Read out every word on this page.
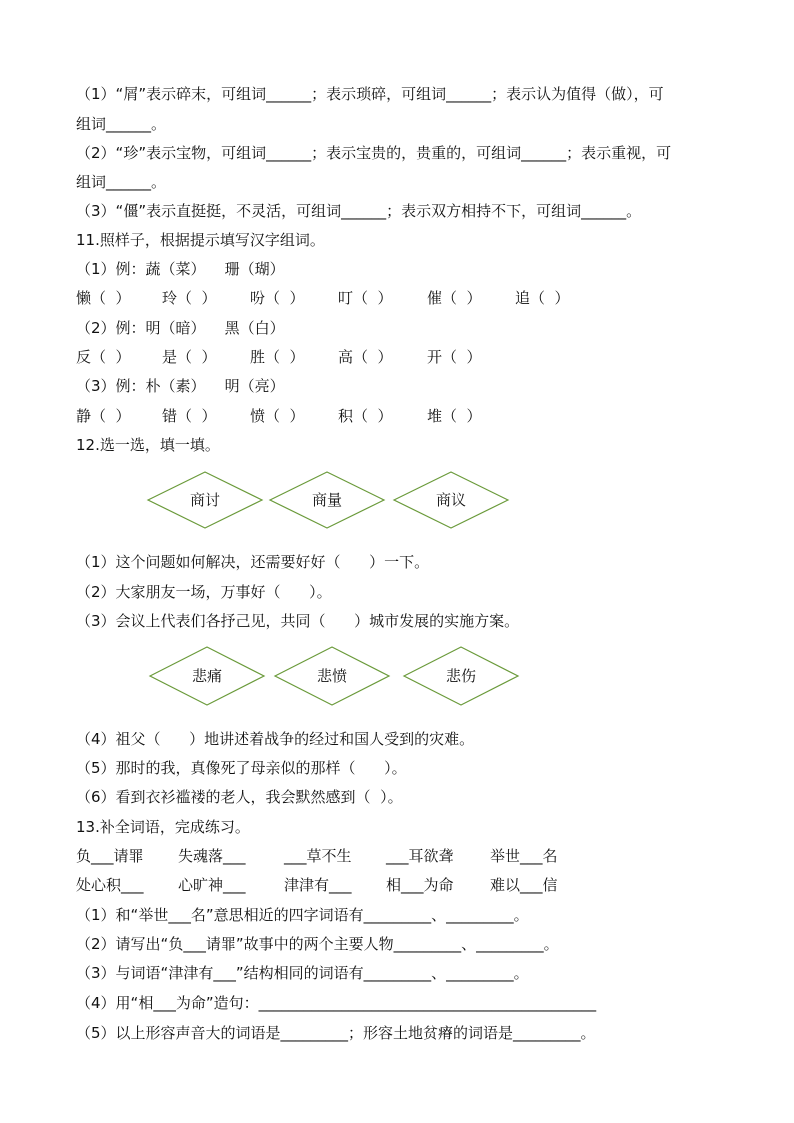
（1）“屑”表示碎末，可组词______；表示琐碎，可组词______；表示认为值得（做），可
组词______。
（2）“珍”表示宝物，可组词______；表示宝贵的，贵重的，可组词______；表示重视，可
组词______。
（3）“僵”表示直挺挺，不灵活，可组词______；表示双方相持不下，可组词______。
11.照样子，根据提示填写汉字组词。
（1）例：蔬（菜）    珊（瑚）
懒（  ） 玲（  ） 吩（  ） 叮（  ） 催（  ） 追（  ）
（2）例：明（暗）    黑（白）
反（  ） 是（  ） 胜（  ） 高（  ） 开（  ）
（3）例：朴（素）    明（亮）
静（  ） 错（  ） 愤（  ） 积（  ） 堆（  ）
12.选一选，填一填。
商讨	商量	商议
（1）这个问题如何解决，还需要好好（      ）一下。
（2）大家朋友一场，万事好（      ）。
（3）会议上代表们各抒己见，共同（      ）城市发展的实施方案。
悲痛	悲愤	悲伤
（4）祖父（      ）地讲述着战争的经过和国人受到的灾难。
（5）那时的我，真像死了母亲似的那样（      ）。
（6）看到衣衫褴褛的老人，我会默然感到（  ）。
13.补全词语，完成练习。
负___请罪 失魂落___	___草不生 ___耳欲聋 举世___名
处心积___ 心旷神___	津津有___ 相___为命 难以___信
（1）和“举世___名”意思相近的四字词语有_________、_________。
（2）请写出“负___请罪”故事中的两个主要人物_________、_________。
（3）与词语“津津有___”结构相同的词语有_________、_________。
（4）用“相___为命”造句：_____________________________________________
（5）以上形容声音大的词语是_________；形容土地贫瘠的词语是_________。
